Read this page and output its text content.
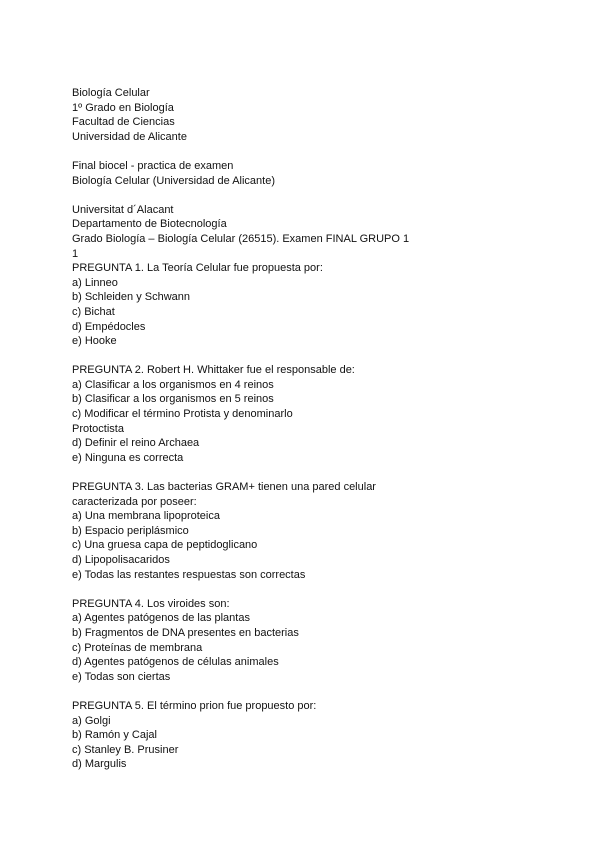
Biología Celular
1º Grado en Biología
Facultad de Ciencias
Universidad de Alicante
Final biocel - practica de examen
Biología Celular (Universidad de Alicante)
Universitat d´Alacant
Departamento de Biotecnología
Grado Biología – Biología Celular (26515). Examen FINAL GRUPO 1
1
PREGUNTA 1. La Teoría Celular fue propuesta por:
a) Linneo
b) Schleiden y Schwann
c) Bichat
d) Empédocles
e) Hooke
PREGUNTA 2. Robert H. Whittaker fue el responsable de:
a) Clasificar a los organismos en 4 reinos
b) Clasificar a los organismos en 5 reinos
c) Modificar el término Protista y denominarlo
Protoctista
d) Definir el reino Archaea
e) Ninguna es correcta
PREGUNTA 3. Las bacterias GRAM+ tienen una pared celular
caracterizada por poseer:
a) Una membrana lipoproteica
b) Espacio periplásmico
c) Una gruesa capa de peptidoglicano
d) Lipopolisacaridos
e) Todas las restantes respuestas son correctas
PREGUNTA 4. Los viroides son:
a) Agentes patógenos de las plantas
b) Fragmentos de DNA presentes en bacterias
c) Proteínas de membrana
d) Agentes patógenos de células animales
e) Todas son ciertas
PREGUNTA 5. El término prion fue propuesto por:
a) Golgi
b) Ramón y Cajal
c) Stanley B. Prusiner
d) Margulis
